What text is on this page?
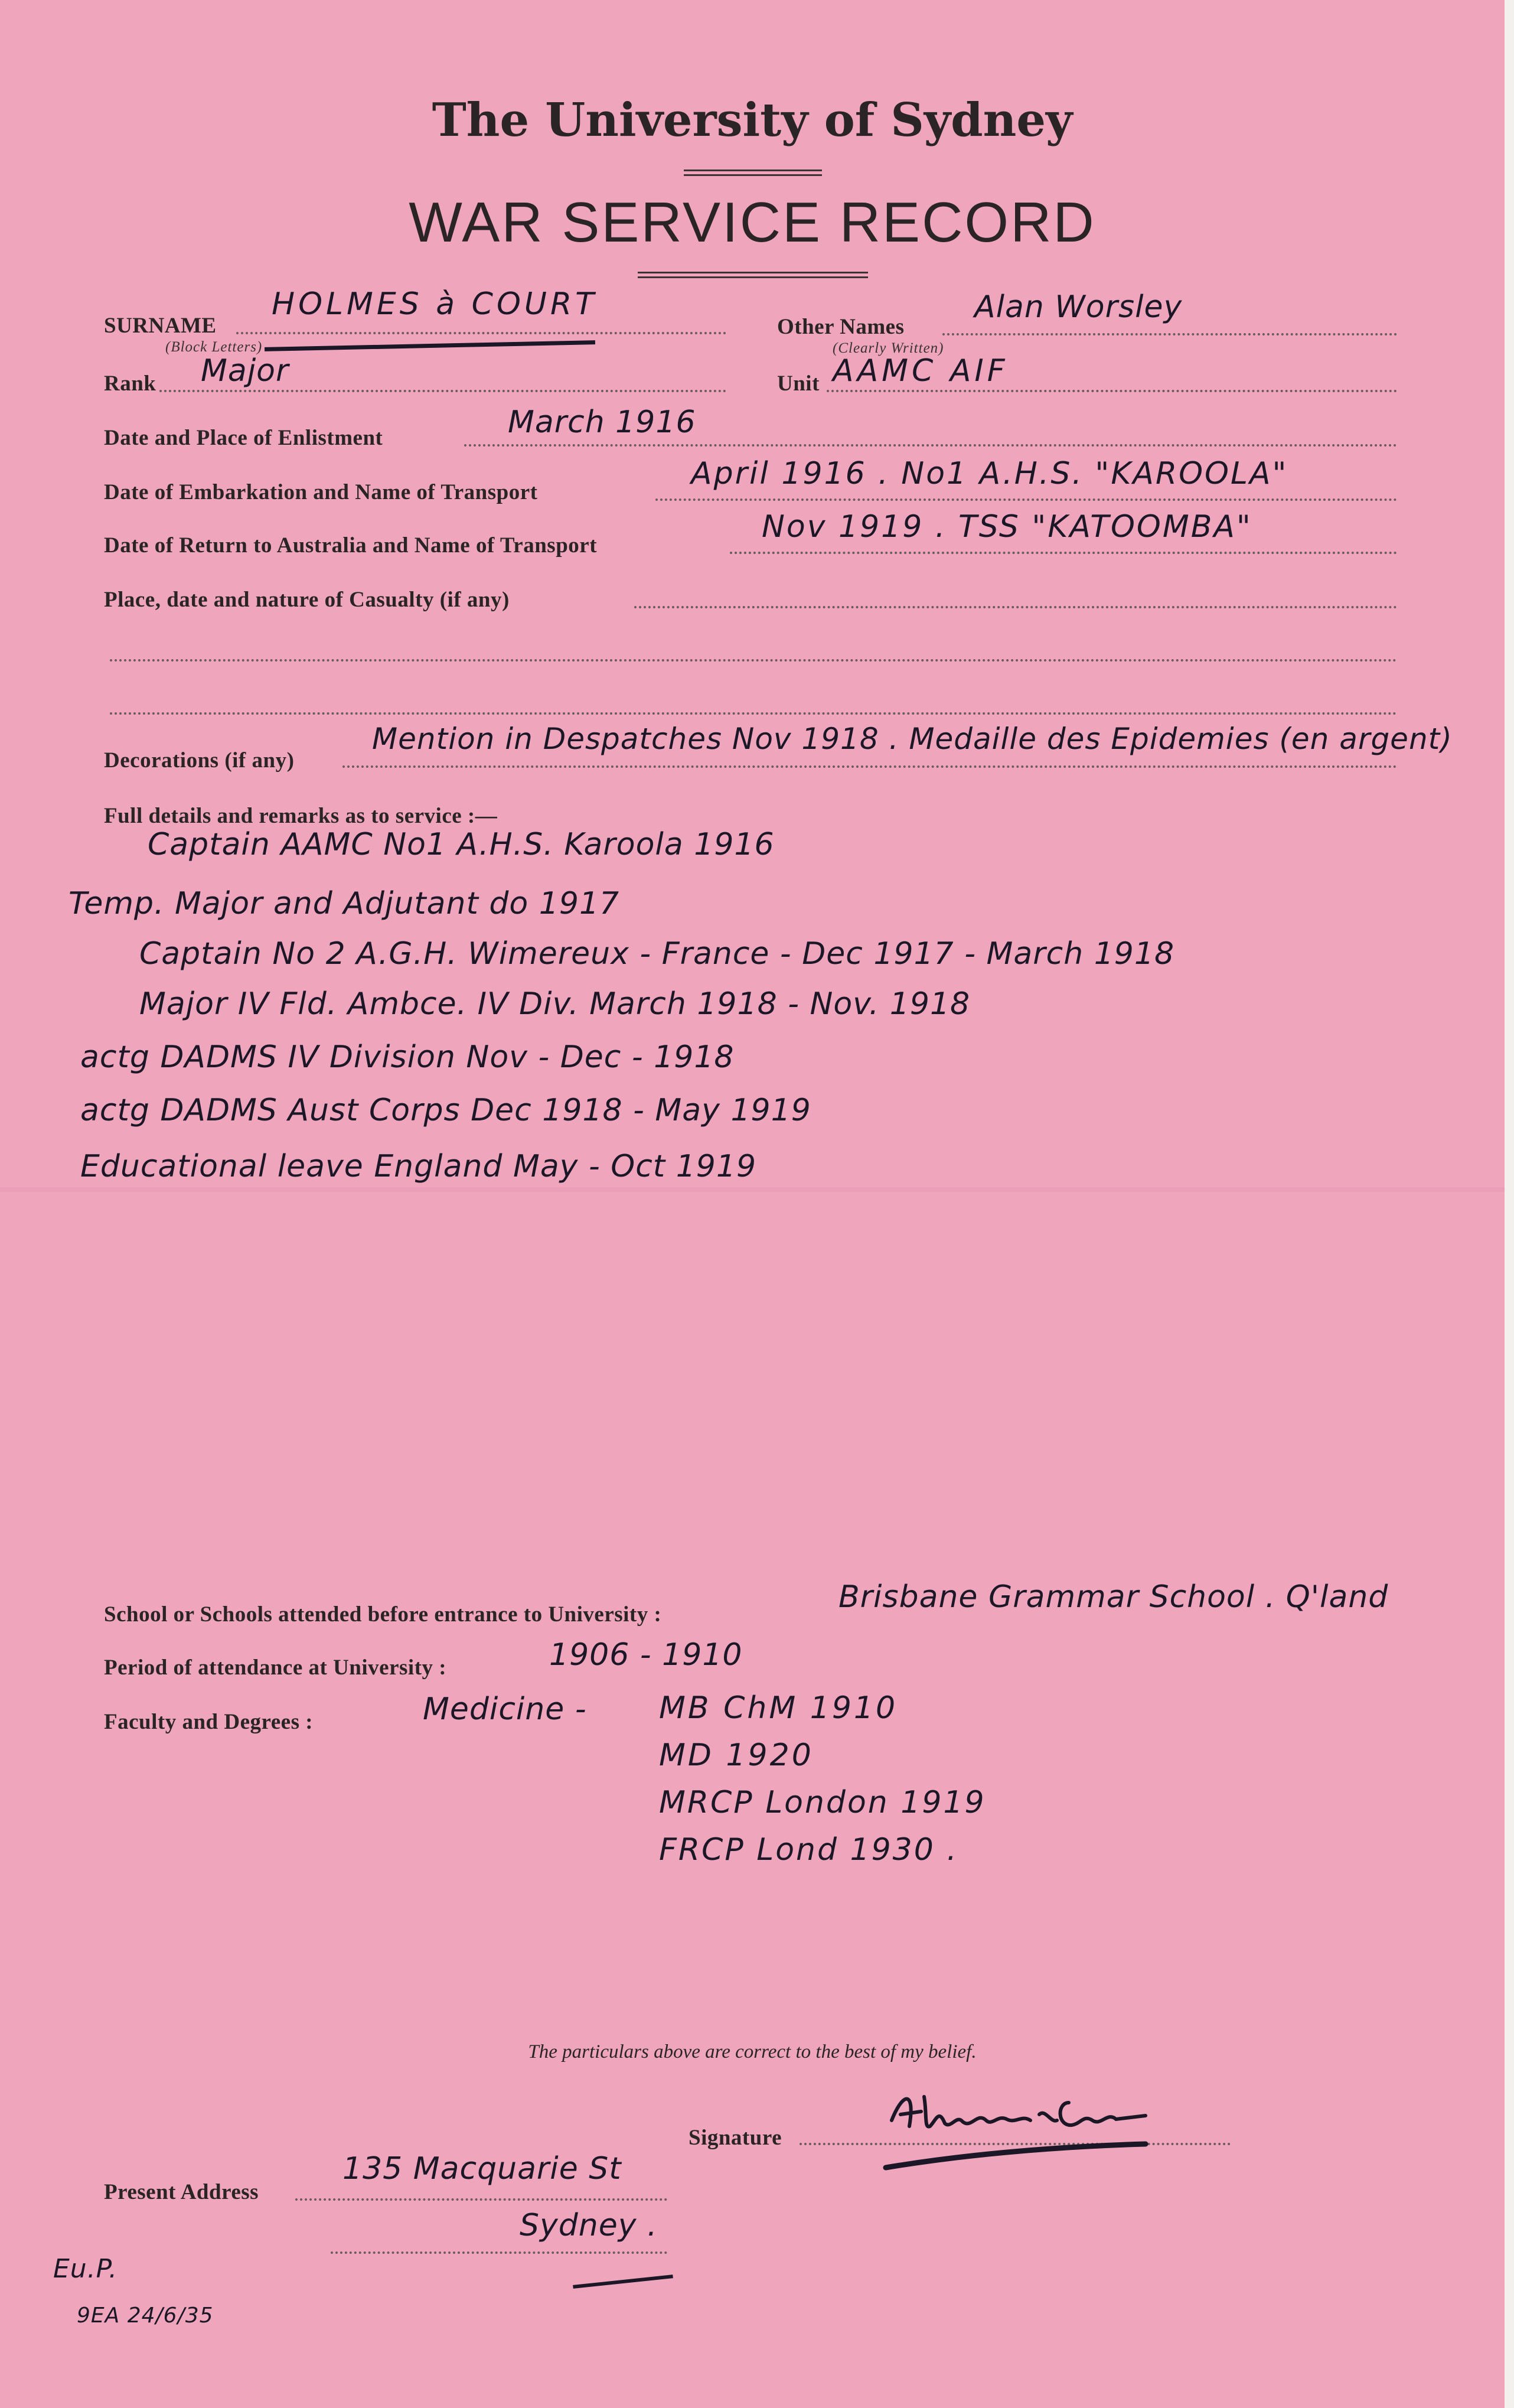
The University of Sydney
WAR SERVICE RECORD
SURNAME
HOLMES à COURT
(Block Letters)
Other Names
Alan Worsley
(Clearly Written)
Rank Major	Unit AAMC AIF
Date and Place of Enlistment	March 1916
Date of Embarkation and Name of Transport
April 1916 . No1 A.H.S. "KAROOLA"
Date of Return to Australia and Name of Transport
Nov 1919 . TSS "KATOOMBA"
Place, date and nature of Casualty (if any)
Decorations (if any)
Mention in Despatches Nov 1918 . Medaille des Epidemies (en argent)
Full details and remarks as to service :—
Captain AAMC No1 A.H.S. Karoola 1916
Temp. Major and Adjutant do 1917
Captain No 2 A.G.H. Wimereux - France - Dec 1917 - March 1918
Major IV Fld. Ambce. IV Div. March 1918 - Nov. 1918
actg DADMS IV Division Nov - Dec - 1918
actg DADMS Aust Corps Dec 1918 - May 1919
Educational leave England May - Oct 1919
School or Schools attended before entrance to University :	Brisbane Grammar School . Q'land
Period of attendance at University :	1906 - 1910
Faculty and Degrees :	Medicine - MB ChM 1910
MD 1920
MRCP London 1919
FRCP Lond 1930 .
The particulars above are correct to the best of my belief.
Signature
Present Address
135 Macquarie St
Sydney .
Eu.P.
9EA 24/6/35
